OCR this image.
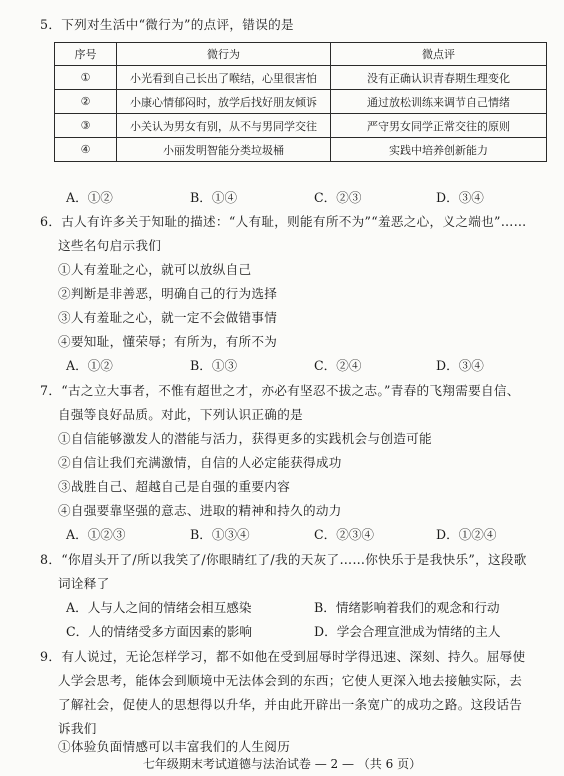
5．下列对生活中“微行为”的点评，错误的是
序号	微行为	微点评
①	小光看到自己长出了喉结，心里很害怕	没有正确认识青春期生理变化
②	小康心情郁闷时，放学后找好朋友倾诉	通过放松训练来调节自己情绪
③	小关认为男女有别，从不与男同学交往	严守男女同学正常交往的原则
④	小丽发明智能分类垃圾桶	实践中培养创新能力
A．①②	B．①④	C．②③	D．③④
6．古人有许多关于知耻的描述：“人有耻，则能有所不为”“羞恶之心，义之端也”……
这些名句启示我们
①人有羞耻之心，就可以放纵自己
②判断是非善恶，明确自己的行为选择
③人有羞耻之心，就一定不会做错事情
④要知耻，懂荣辱；有所为，有所不为
A．①②	B．①③	C．②④	D．③④
7．“古之立大事者，不惟有超世之才，亦必有坚忍不拔之志。”青春的飞翔需要自信、
自强等良好品质。对此，下列认识正确的是
①自信能够激发人的潜能与活力，获得更多的实践机会与创造可能
②自信让我们充满激情，自信的人必定能获得成功
③战胜自己、超越自己是自强的重要内容
④自强要靠坚强的意志、进取的精神和持久的动力
A．①②③	B．①③④	C．②③④	D．①②④
8．“你眉头开了/所以我笑了/你眼睛红了/我的天灰了……你快乐于是我快乐”，这段歌
词诠释了
A．人与人之间的情绪会相互感染	B．情绪影响着我们的观念和行动
C．人的情绪受多方面因素的影响	D．学会合理宣泄成为情绪的主人
9．有人说过，无论怎样学习，都不如他在受到屈辱时学得迅速、深刻、持久。屈辱使
人学会思考，能体会到顺境中无法体会到的东西；它使人更深入地去接触实际，去
了解社会，促使人的思想得以升华，并由此开辟出一条宽广的成功之路。这段话告
诉我们
①体验负面情感可以丰富我们的人生阅历
七年级期末考试道德与法治试卷 — 2 — （共 6 页）
